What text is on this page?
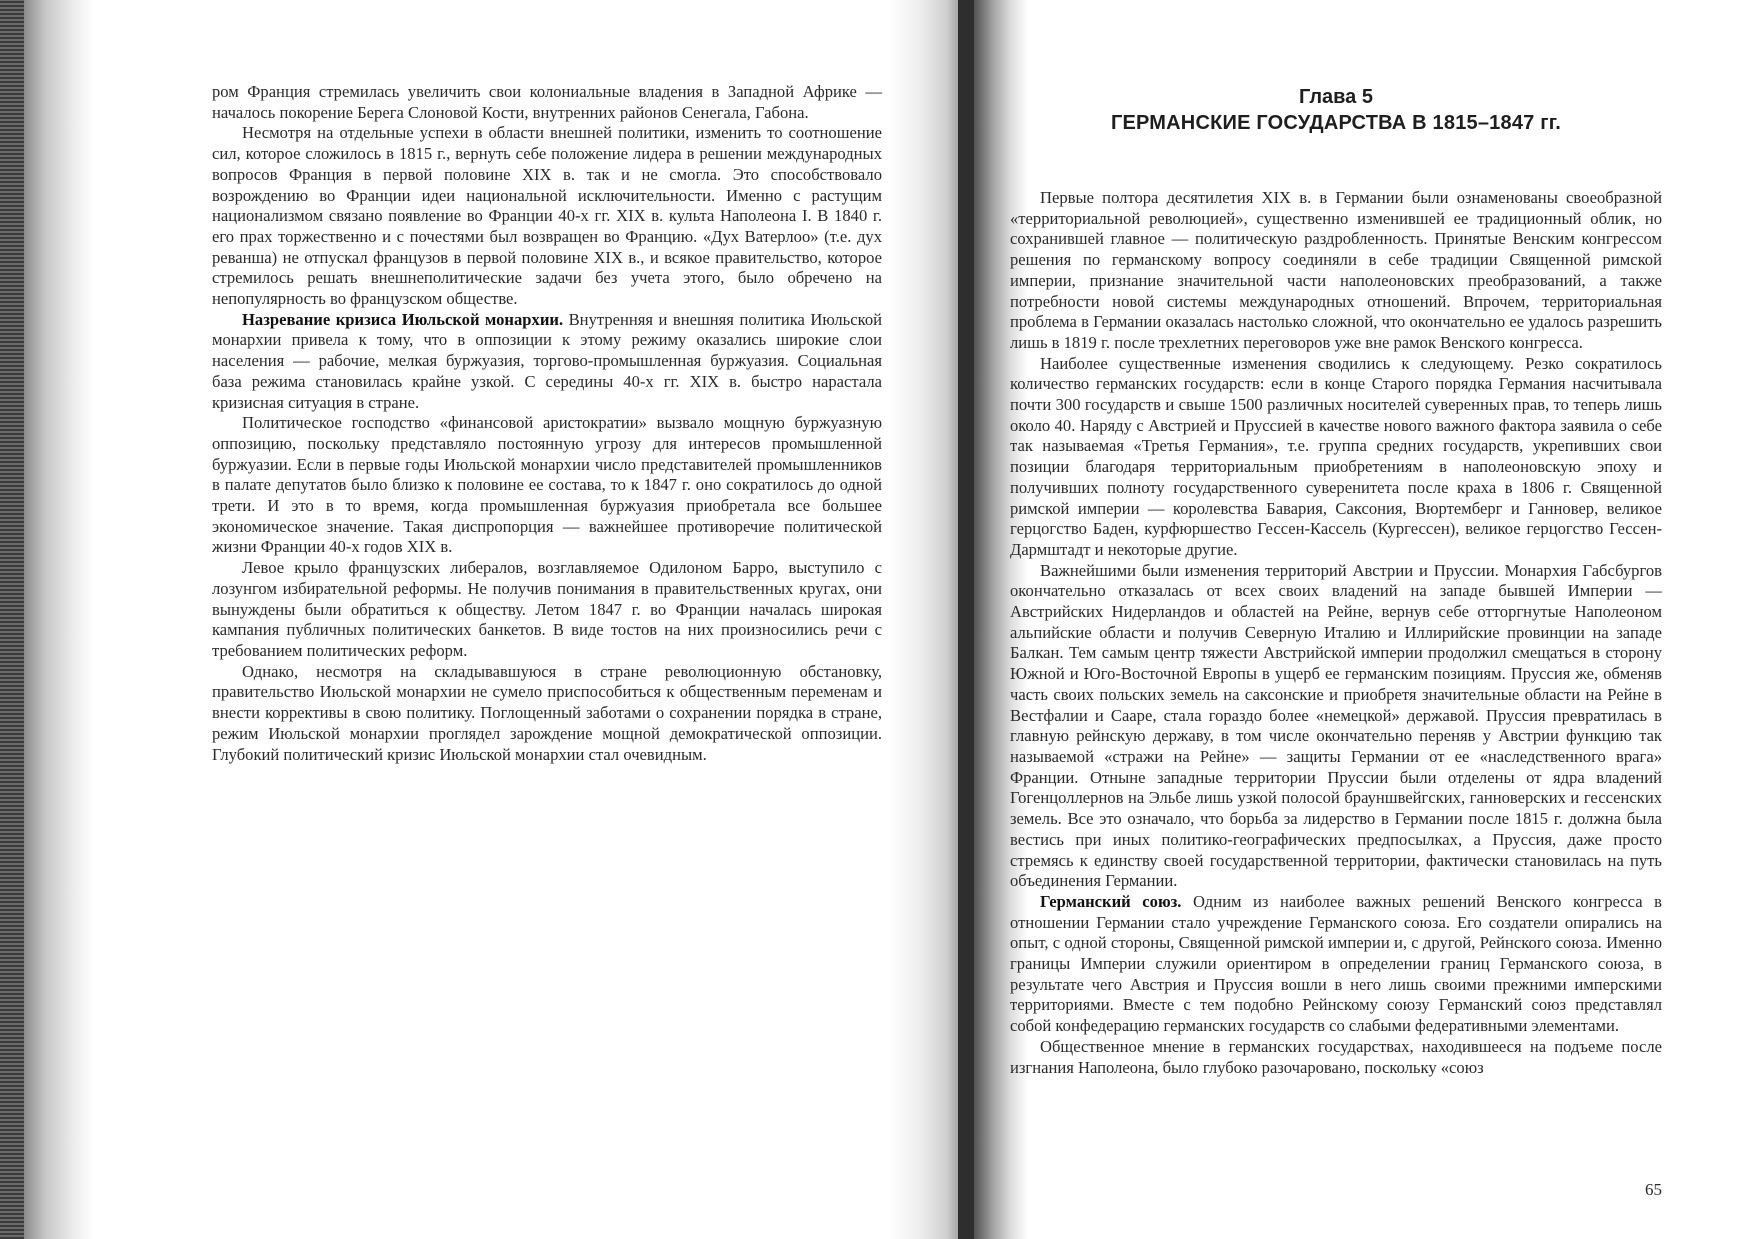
ром Франция стремилась увеличить свои колониальные владения в Западной Африке — началось покорение Берега Слоновой Кости, внутренних районов Сенегала, Габона.

Несмотря на отдельные успехи в области внешней политики, изменить то соотношение сил, которое сложилось в 1815 г., вернуть себе положение лидера в решении международных вопросов Франция в первой половине XIX в. так и не смогла. Это способствовало возрождению во Франции идеи национальной исключительности. Именно с растущим национализмом связано появление во Франции 40-х гг. XIX в. культа Наполеона I. В 1840 г. его прах торжественно и с почестями был возвращен во Францию. «Дух Ватерлоо» (т.е. дух реванша) не отпускал французов в первой половине XIX в., и всякое правительство, которое стремилось решать внешнеполитические задачи без учета этого, было обречено на непопулярность во французском обществе.

Назревание кризиса Июльской монархии. Внутренняя и внешняя политика Июльской монархии привела к тому, что в оппозиции к этому режиму оказались широкие слои населения — рабочие, мелкая буржуазия, торгово-промышленная буржуазия. Социальная база режима становилась крайне узкой. С середины 40-х гг. XIX в. быстро нарастала кризисная ситуация в стране.

Политическое господство «финансовой аристократии» вызвало мощную буржуазную оппозицию, поскольку представляло постоянную угрозу для интересов промышленной буржуазии. Если в первые годы Июльской монархии число представителей промышленников в палате депутатов было близко к половине ее состава, то к 1847 г. оно сократилось до одной трети. И это в то время, когда промышленная буржуазия приобретала все большее экономическое значение. Такая диспропорция — важнейшее противоречие политической жизни Франции 40-х годов XIX в.

Левое крыло французских либералов, возглавляемое Одилоном Барро, выступило с лозунгом избирательной реформы. Не получив понимания в правительственных кругах, они вынуждены были обратиться к обществу. Летом 1847 г. во Франции началась широкая кампания публичных политических банкетов. В виде тостов на них произносились речи с требованием политических реформ.

Однако, несмотря на складывавшуюся в стране революционную обстановку, правительство Июльской монархии не сумело приспособиться к общественным переменам и внести коррективы в свою политику. Поглощенный заботами о сохранении порядка в стране, режим Июльской монархии проглядел зарождение мощной демократической оппозиции. Глубокий политический кризис Июльской монархии стал очевидным.

Глава 5
ГЕРМАНСКИЕ ГОСУДАРСТВА В 1815–1847 гг.

Первые полтора десятилетия XIX в. в Германии были ознаменованы своеобразной «территориальной революцией», существенно изменившей ее традиционный облик, но сохранившей главное — политическую раздробленность. Принятые Венским конгрессом решения по германскому вопросу соединяли в себе традиции Священной римской империи, признание значительной части наполеоновских преобразований, а также потребности новой системы международных отношений. Впрочем, территориальная проблема в Германии оказалась настолько сложной, что окончательно ее удалось разрешить лишь в 1819 г. после трехлетних переговоров уже вне рамок Венского конгресса.

Наиболее существенные изменения сводились к следующему. Резко сократилось количество германских государств: если в конце Старого порядка Германия насчитывала почти 300 государств и свыше 1500 различных носителей суверенных прав, то теперь лишь около 40. Наряду с Австрией и Пруссией в качестве нового важного фактора заявила о себе так называемая «Третья Германия», т.е. группа средних государств, укрепивших свои позиции благодаря территориальным приобретениям в наполеоновскую эпоху и получивших полноту государственного суверенитета после краха в 1806 г. Священной римской империи — королевства Бавария, Саксония, Вюртемберг и Ганновер, великое герцогство Баден, курфюршество Гессен-Кассель (Кургессен), великое герцогство Гессен-Дармштадт и некоторые другие.

Важнейшими были изменения территорий Австрии и Пруссии. Монархия Габсбургов окончательно отказалась от всех своих владений на западе бывшей Империи — Австрийских Нидерландов и областей на Рейне, вернув себе отторгнутые Наполеоном альпийские области и получив Северную Италию и Иллирийские провинции на западе Балкан. Тем самым центр тяжести Австрийской империи продолжил смещаться в сторону Южной и Юго-Восточной Европы в ущерб ее германским позициям. Пруссия же, обменяв часть своих польских земель на саксонские и приобретя значительные области на Рейне в Вестфалии и Сааре, стала гораздо более «немецкой» державой. Пруссия превратилась в главную рейнскую державу, в том числе окончательно переняв у Австрии функцию так называемой «стражи на Рейне» — защиты Германии от ее «наследственного врага» Франции. Отныне западные территории Пруссии были отделены от ядра владений Гогенцоллернов на Эльбе лишь узкой полосой брауншвейгских, ганноверских и гессенских земель. Все это означало, что борьба за лидерство в Германии после 1815 г. должна была вестись при иных политико-географических предпосылках, а Пруссия, даже просто стремясь к единству своей государственной территории, фактически становилась на путь объединения Германии.

Германский союз. Одним из наиболее важных решений Венского конгресса в отношении Германии стало учреждение Германского союза. Его создатели опирались на опыт, с одной стороны, Священной римской империи и, с другой, Рейнского союза. Именно границы Империи служили ориентиром в определении границ Германского союза, в результате чего Австрия и Пруссия вошли в него лишь своими прежними имперскими территориями. Вместе с тем подобно Рейнскому союзу Германский союз представлял собой конфедерацию германских государств со слабыми федеративными элементами.

Общественное мнение в германских государствах, находившееся на подъеме после изгнания Наполеона, было глубоко разочаровано, поскольку «союз

65
